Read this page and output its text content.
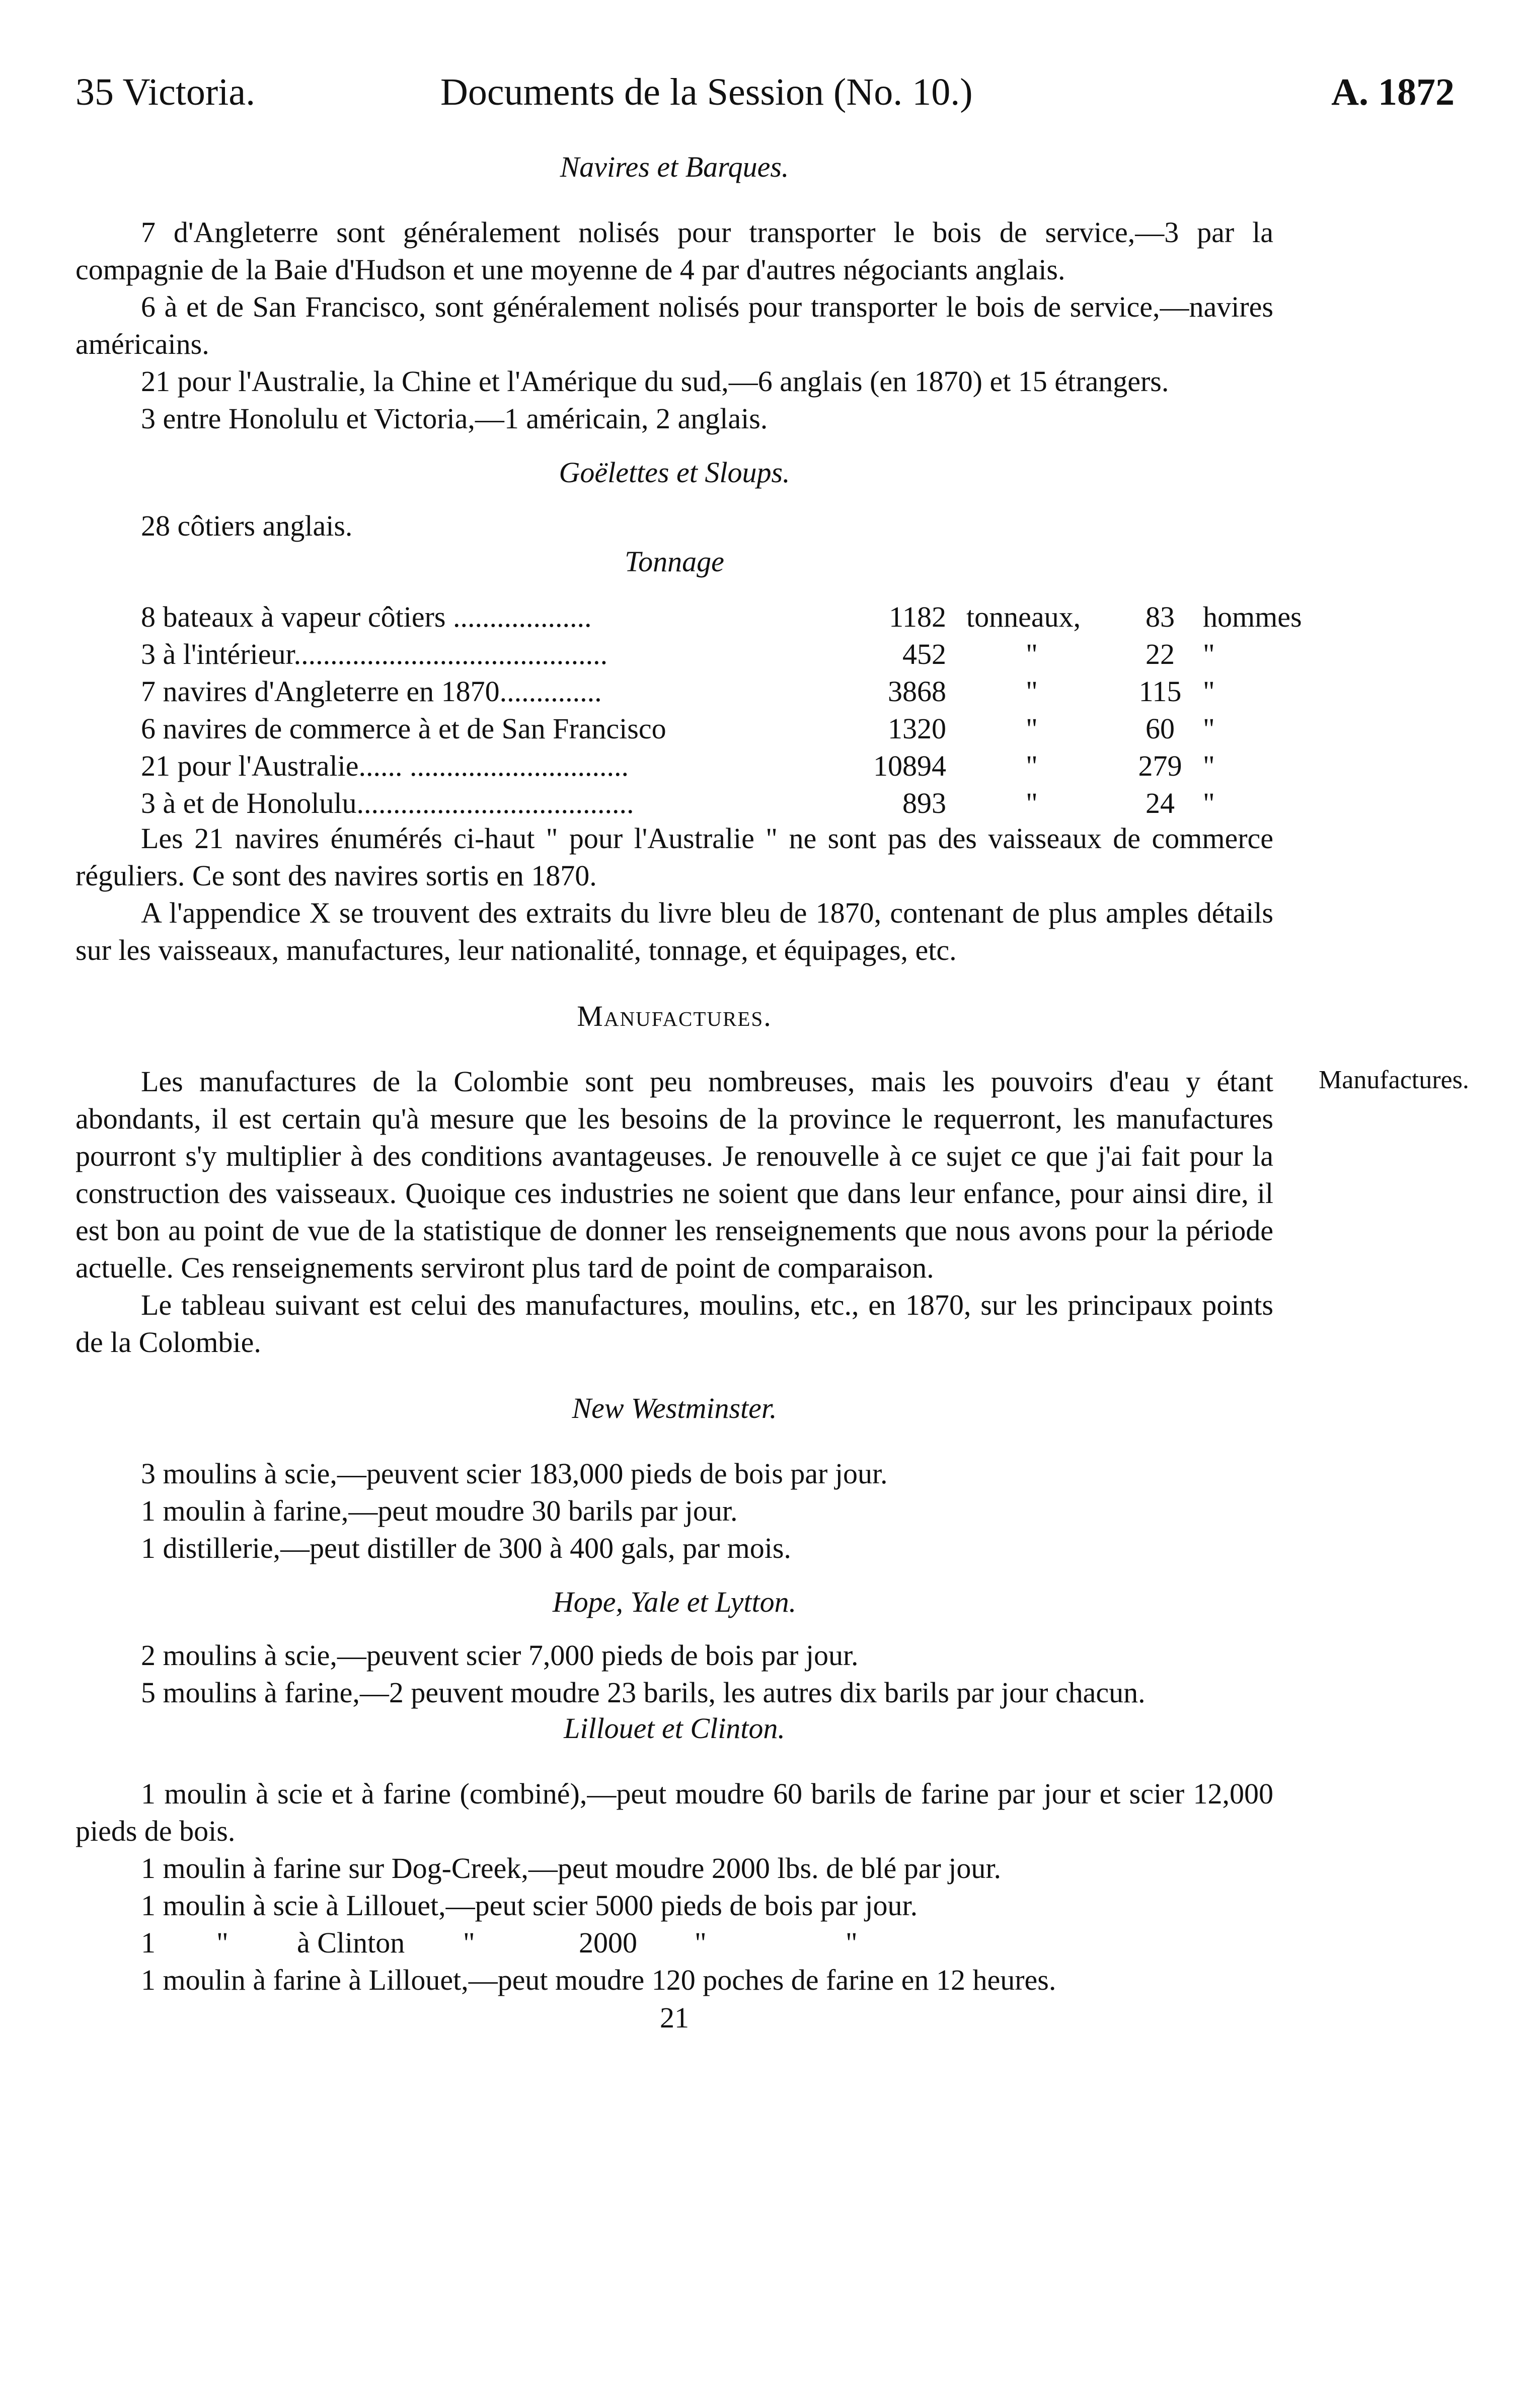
35 Victoria.	Documents de la Session (No. 10.)	A. 1872
Navires et Barques.

7 d'Angleterre sont généralement nolisés pour transporter le bois de service,—3 par la compagnie de la Baie d'Hudson et une moyenne de 4 par d'autres négociants anglais.

6 à et de San Francisco, sont généralement nolisés pour transporter le bois de service,—navires américains.

21 pour l'Australie, la Chine et l'Amérique du sud,—6 anglais (en 1870) et 15 étrangers.

3 entre Honolulu et Victoria,—1 américain, 2 anglais.

Goëlettes et Sloups.
28 côtiers anglais.
Tonnage
8 bateaux à vapeur côtiers ...................	1182	tonneaux,	83	hommes
3 à l'intérieur...........................................	452	"	22	"
7 navires d'Angleterre en 1870..............	3868	"	115	"
6 navires de commerce à et de San Francisco	1320	"	60	"
21 pour l'Australie...... ..............................	10894	"	279	"
3 à et de Honolulu......................................	893	"	24	"

Les 21 navires énumérés ci-haut " pour l'Australie " ne sont pas des vaisseaux de commerce réguliers. Ce sont des navires sortis en 1870.

A l'appendice X se trouvent des extraits du livre bleu de 1870, contenant de plus amples détails sur les vaisseaux, manufactures, leur nationalité, tonnage, et équipages, etc.

Manufactures.
Manufactures.

Les manufactures de la Colombie sont peu nombreuses, mais les pouvoirs d'eau y étant abondants, il est certain qu'à mesure que les besoins de la province le requerront, les manufactures pourront s'y multiplier à des conditions avantageuses. Je renouvelle à ce sujet ce que j'ai fait pour la construction des vaisseaux. Quoique ces industries ne soient que dans leur enfance, pour ainsi dire, il est bon au point de vue de la statistique de donner les renseignements que nous avons pour la période actuelle. Ces renseignements serviront plus tard de point de comparaison.

Le tableau suivant est celui des manufactures, moulins, etc., en 1870, sur les principaux points de la Colombie.

New Westminster.
3 moulins à scie,—peuvent scier 183,000 pieds de bois par jour.
1 moulin à farine,—peut moudre 30 barils par jour.
1 distillerie,—peut distiller de 300 à 400 gals, par mois.
Hope, Yale et Lytton.
2 moulins à scie,—peuvent scier 7,000 pieds de bois par jour.

5 moulins à farine,—2 peuvent moudre 23 barils, les autres dix barils par jour chacun.

Lillouet et Clinton.

1 moulin à scie et à farine (combiné),—peut moudre 60 barils de farine par jour et scier 12,000 pieds de bois.

1 moulin à farine sur Dog-Creek,—peut moudre 2000 lbs. de blé par jour.
1 moulin à scie à Lillouet,—peut scier 5000 pieds de bois par jour.
1	"	à Clinton	"	2000	"	"
1 moulin à farine à Lillouet,—peut moudre 120 poches de farine en 12 heures.
21
